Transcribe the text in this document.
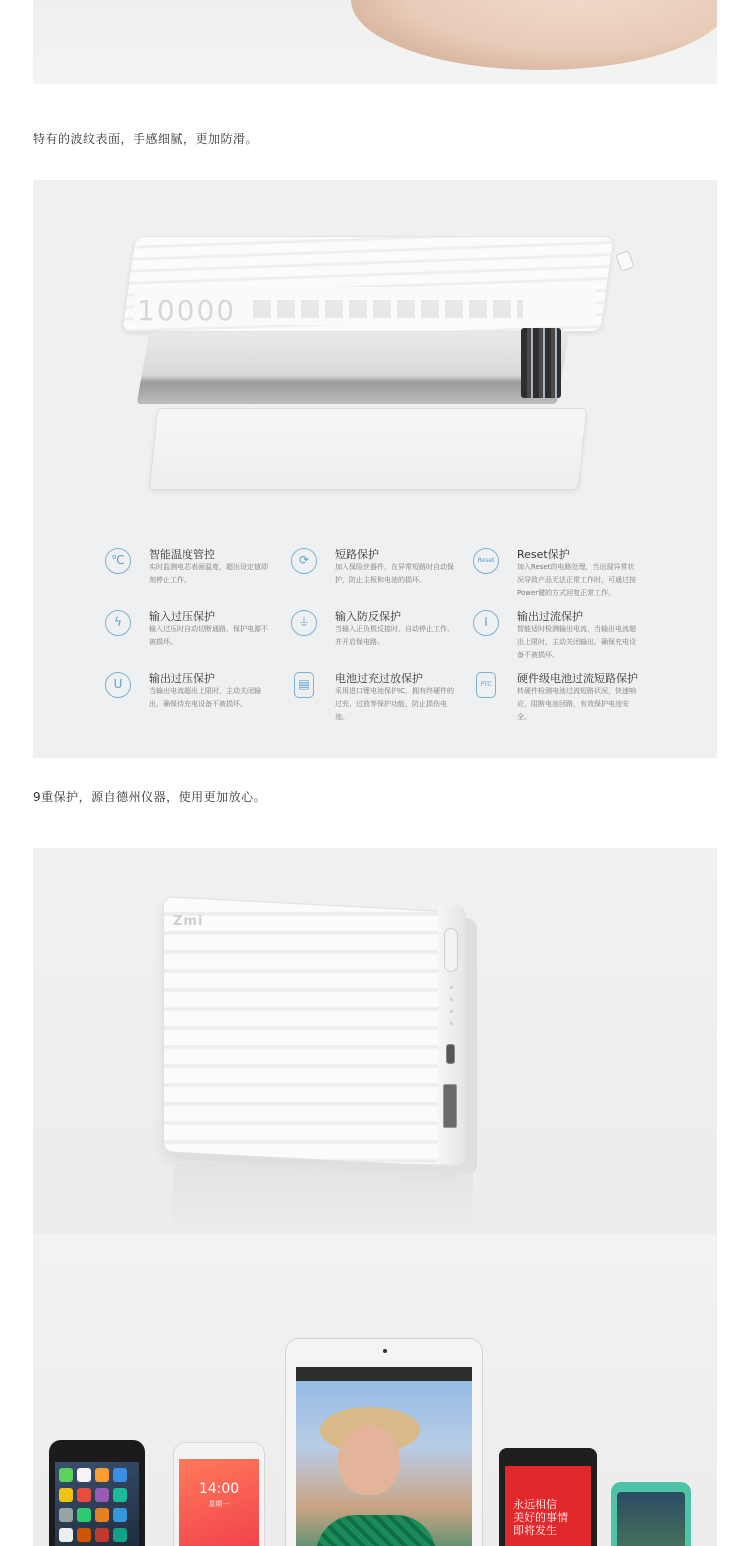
特有的波纹表面，手感细腻，更加防滑。
10000
℃	智能温度管控
实时监测电芯表面温度，超出设定值即刻停止工作。
⟳	短路保护
加入保险丝器件，在异常短路时自动保护，防止主板和电池的损坏。
Reset	Reset保护
加入Reset的电路处理，当出现异常状况导致产品无法正常工作时，可通过按Power键的方式回复正常工作。
ϟ	输入过压保护
输入过压时自动切断通路，保护电源不被损坏。
⏚	输入防反保护
当输入正负极反接时，自动停止工作，并开启保电路。
I	输出过流保护
智能适时检测输出电流，当输出电流超出上限时，主动关闭输出，确保充电设备不被损坏。
U	输出过压保护
当输出电流超出上限时，主动关闭输出，确保待充电设备不被损坏。
▤	电池过充过放保护
采用进口锂电池保护IC，拥有终硬件的过充、过放等保护功能，防止损伤电池。
PTC	硬件级电池过流短路保护
转硬件检测电池过流短路状况，快速响应，阻断电池回路，有效保护电池安全。
9重保护，源自德州仪器，使用更加放心。
Zmi
14:00
星期一	永远相信
美好的事情
即将发生
